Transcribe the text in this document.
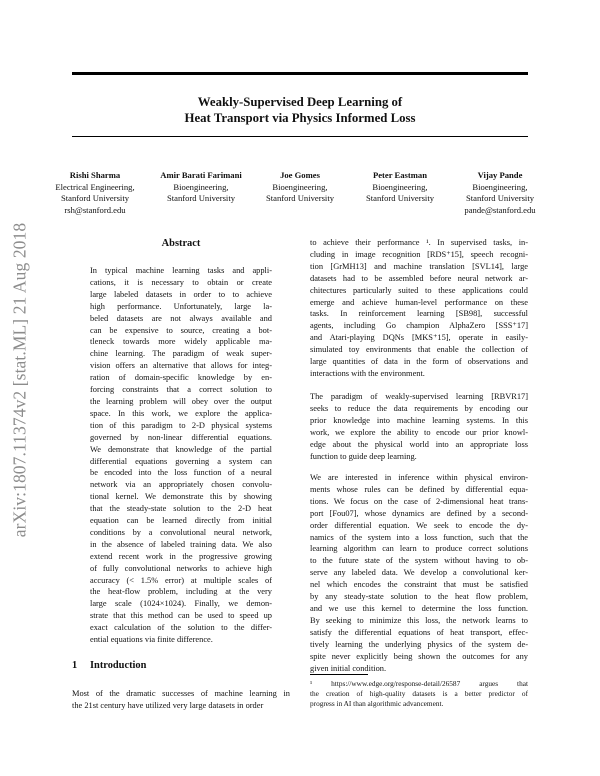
arXiv:1807.11374v2 [stat.ML] 21 Aug 2018
Weakly-Supervised Deep Learning of
Heat Transport via Physics Informed Loss
Rishi Sharma
Electrical Engineering,
Stanford University
rsh@stanford.edu
Amir Barati Farimani
Bioengineering,
Stanford University
Joe Gomes
Bioengineering,
Stanford University
Peter Eastman
Bioengineering,
Stanford University
Vijay Pande
Bioengineering,
Stanford University
pande@stanford.edu
Abstract
In typical machine learning tasks and appli-
cations, it is necessary to obtain or create
large labeled datasets in order to to achieve
high performance. Unfortunately, large la-
beled datasets are not always available and
can be expensive to source, creating a bot-
tleneck towards more widely applicable ma-
chine learning. The paradigm of weak super-
vision offers an alternative that allows for integ-
ration of domain-specific knowledge by en-
forcing constraints that a correct solution to
the learning problem will obey over the output
space. In this work, we explore the applica-
tion of this paradigm to 2-D physical systems
governed by non-linear differential equations.
We demonstrate that knowledge of the partial
differential equations governing a system can
be encoded into the loss function of a neural
network via an appropriately chosen convolu-
tional kernel. We demonstrate this by showing
that the steady-state solution to the 2-D heat
equation can be learned directly from initial
conditions by a convolutional neural network,
in the absence of labeled training data. We also
extend recent work in the progressive growing
of fully convolutional networks to achieve high
accuracy (< 1.5% error) at multiple scales of
the heat-flow problem, including at the very
large scale (1024×1024). Finally, we demon-
strate that this method can be used to speed up
exact calculation of the solution to the differ-
ential equations via finite difference.
1 Introduction
Most of the dramatic successes of machine learning in
the 21st century have utilized very large datasets in order
to achieve their performance ¹. In supervised tasks, in-
cluding in image recognition [RDS⁺15], speech recogni-
tion [GrMH13] and machine translation [SVL14], large
datasets had to be assembled before neural network ar-
chitectures particularly suited to these applications could
emerge and achieve human-level performance on these
tasks. In reinforcement learning [SB98], successful
agents, including Go champion AlphaZero [SSS⁺17]
and Atari-playing DQNs [MKS⁺15], operate in easily-
simulated toy environments that enable the collection of
large quantities of data in the form of observations and
interactions with the environment.
The paradigm of weakly-supervised learning [RBVR17]
seeks to reduce the data requirements by encoding our
prior knowledge into machine learning systems. In this
work, we explore the ability to encode our prior knowl-
edge about the physical world into an appropriate loss
function to guide deep learning.
We are interested in inference within physical environ-
ments whose rules can be defined by differential equa-
tions. We focus on the case of 2-dimensional heat trans-
port [Fou07], whose dynamics are defined by a second-
order differential equation. We seek to encode the dy-
namics of the system into a loss function, such that the
learning algorithm can learn to produce correct solutions
to the future state of the system without having to ob-
serve any labeled data. We develop a convolutional ker-
nel which encodes the constraint that must be satisfied
by any steady-state solution to the heat flow problem,
and we use this kernel to determine the loss function.
By seeking to minimize this loss, the network learns to
satisfy the differential equations of heat transport, effec-
tively learning the underlying physics of the system de-
spite never explicitly being shown the outcomes for any
given initial condition.
¹ https://www.edge.org/response-detail/26587 argues that
the creation of high-quality datasets is a better predictor of
progress in AI than algorithmic advancement.
